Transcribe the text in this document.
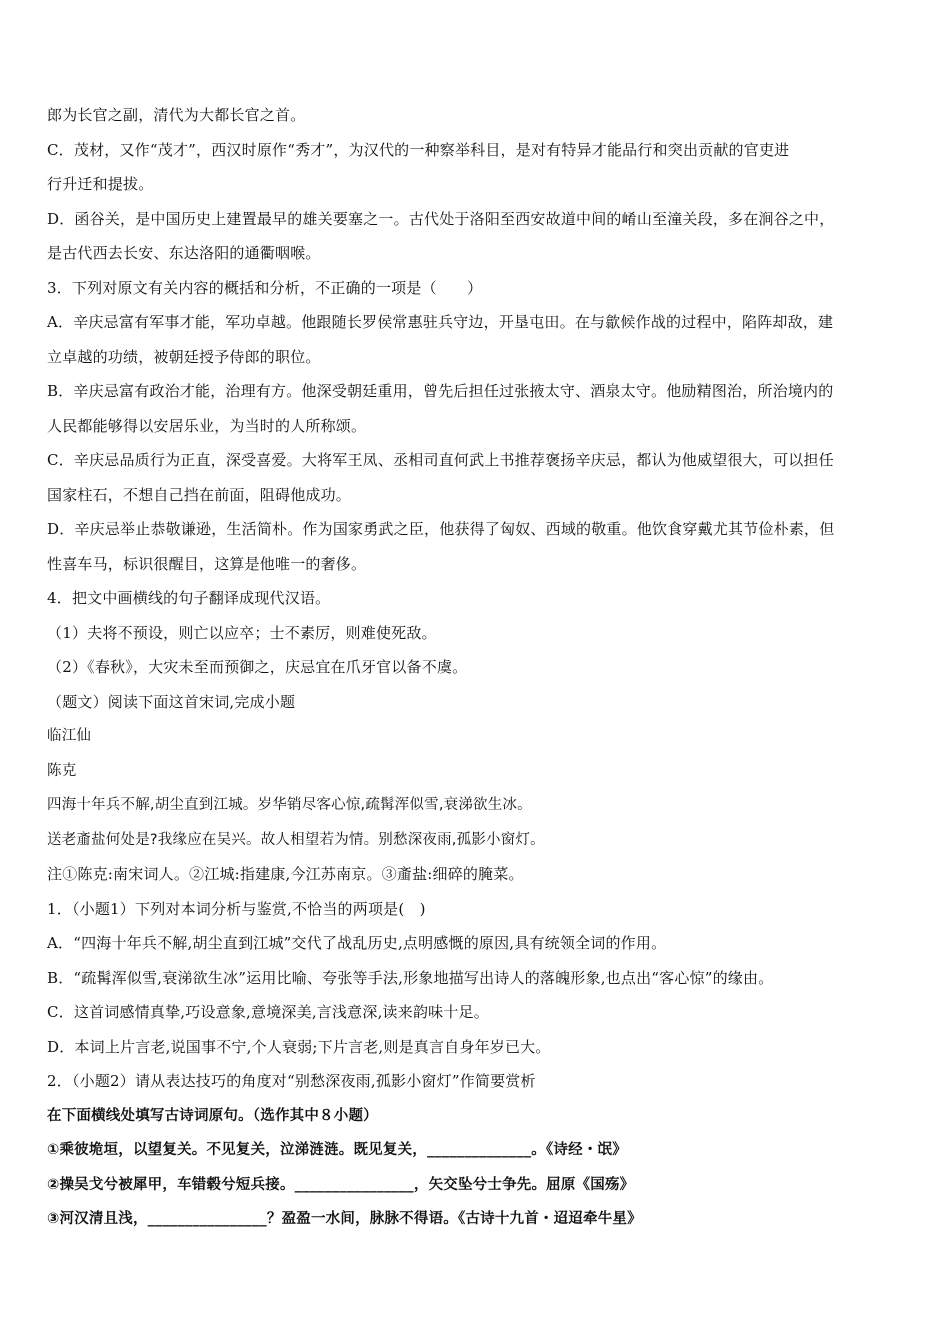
郎为长官之副，清代为大都长官之首。
C．茂材，又作“茂才”，西汉时原作“秀才”，为汉代的一种察举科目，是对有特异才能品行和突出贡献的官吏进
行升迁和提拔。
D．函谷关，是中国历史上建置最早的雄关要塞之一。古代处于洛阳至西安故道中间的崤山至潼关段，多在涧谷之中，
是古代西去长安、东达洛阳的通衢咽喉。
3．下列对原文有关内容的概括和分析，不正确的一项是（　　）
A．辛庆忌富有军事才能，军功卓越。他跟随长罗侯常惠驻兵守边，开垦屯田。在与歙候作战的过程中，陷阵却敌，建
立卓越的功绩，被朝廷授予侍郎的职位。
B．辛庆忌富有政治才能，治理有方。他深受朝廷重用，曾先后担任过张掖太守、酒泉太守。他励精图治，所治境内的
人民都能够得以安居乐业，为当时的人所称颂。
C．辛庆忌品质行为正直，深受喜爱。大将军王凤、丞相司直何武上书推荐褒扬辛庆忌，都认为他威望很大，可以担任
国家柱石，不想自己挡在前面，阻碍他成功。
D．辛庆忌举止恭敬谦逊，生活简朴。作为国家勇武之臣，他获得了匈奴、西域的敬重。他饮食穿戴尤其节俭朴素，但
性喜车马，标识很醒目，这算是他唯一的奢侈。
4．把文中画横线的句子翻译成现代汉语。
（1）夫将不预设，则亡以应卒；士不素厉，则难使死敌。
（2）《春秋》，大灾未至而预御之，庆忌宜在爪牙官以备不虞。
（题文）阅读下面这首宋词,完成小题
临江仙
陈克
四海十年兵不解,胡尘直到江城。岁华销尽客心惊,疏髯浑似雪,衰涕欲生冰。
送老齑盐何处是?我缘应在吴兴。故人相望若为情。别愁深夜雨,孤影小窗灯。
注①陈克:南宋词人。②江城:指建康,今江苏南京。③齑盐:细碎的腌菜。
1．（小题1）下列对本词分析与鉴赏,不恰当的两项是(　)
A．“四海十年兵不解,胡尘直到江城”交代了战乱历史,点明感慨的原因,具有统领全词的作用。
B．“疏髯浑似雪,衰涕欲生冰”运用比喻、夸张等手法,形象地描写出诗人的落魄形象,也点出“客心惊”的缘由。
C．这首词感情真挚,巧设意象,意境深美,言浅意深,读来韵味十足。
D．本词上片言老,说国事不宁,个人衰弱;下片言老,则是真言自身年岁已大。
2．（小题2）请从表达技巧的角度对“别愁深夜雨,孤影小窗灯”作简要赏析
在下面横线处填写古诗词原句。（选作其中８小题）
①乘彼垝垣，以望复关。不见复关，泣涕涟涟。既见复关，______________。《诗经・氓》
②操吴戈兮被犀甲，车错毂兮短兵接。________________，矢交坠兮士争先。屈原《国殇》
③河汉清且浅，________________？盈盈一水间，脉脉不得语。《古诗十九首・迢迢牵牛星》
